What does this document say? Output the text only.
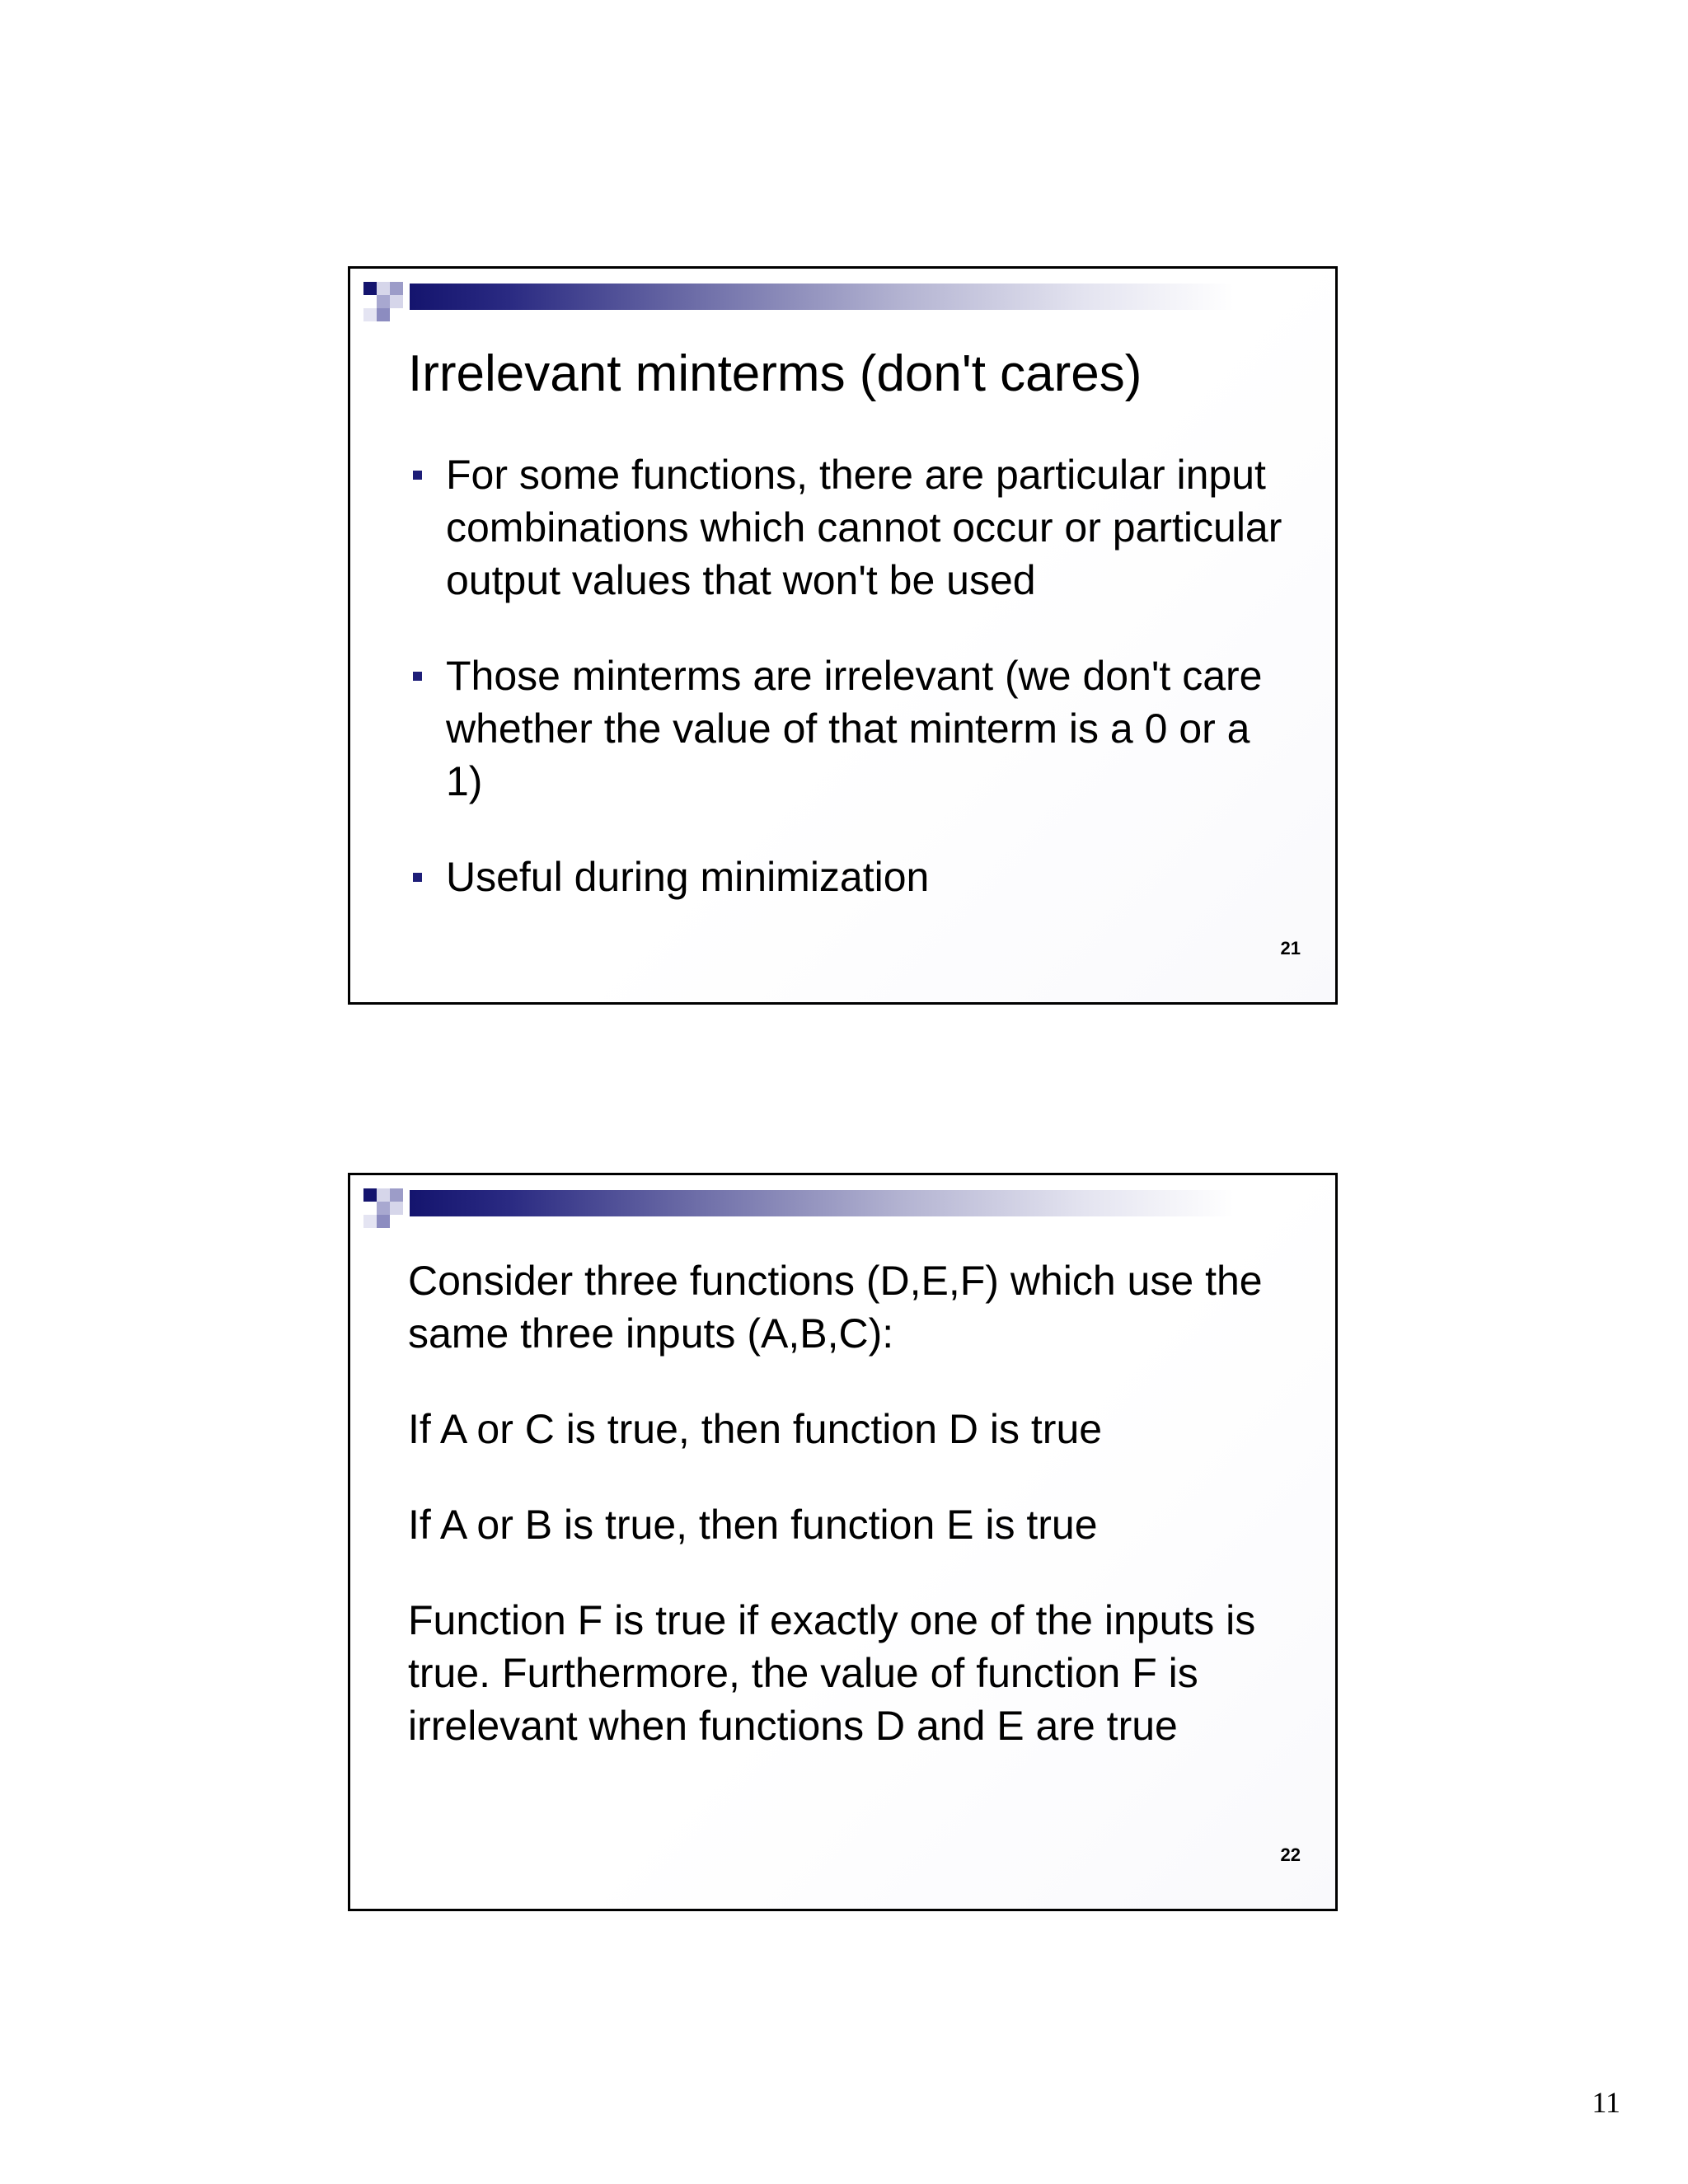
Irrelevant minterms (don't cares)
For some functions, there are particular input combinations which cannot occur or particular output values that won't be used
Those minterms are irrelevant (we don't care whether the value of that minterm is a 0 or a 1)
Useful during minimization
21

Consider three functions (D,E,F) which use the same three inputs (A,B,C):

If A or C is true, then function D is true

If A or B is true, then function E is true

Function F is true if exactly one of the inputs is true. Furthermore, the value of function F is irrelevant when functions D and E are true

22
11
